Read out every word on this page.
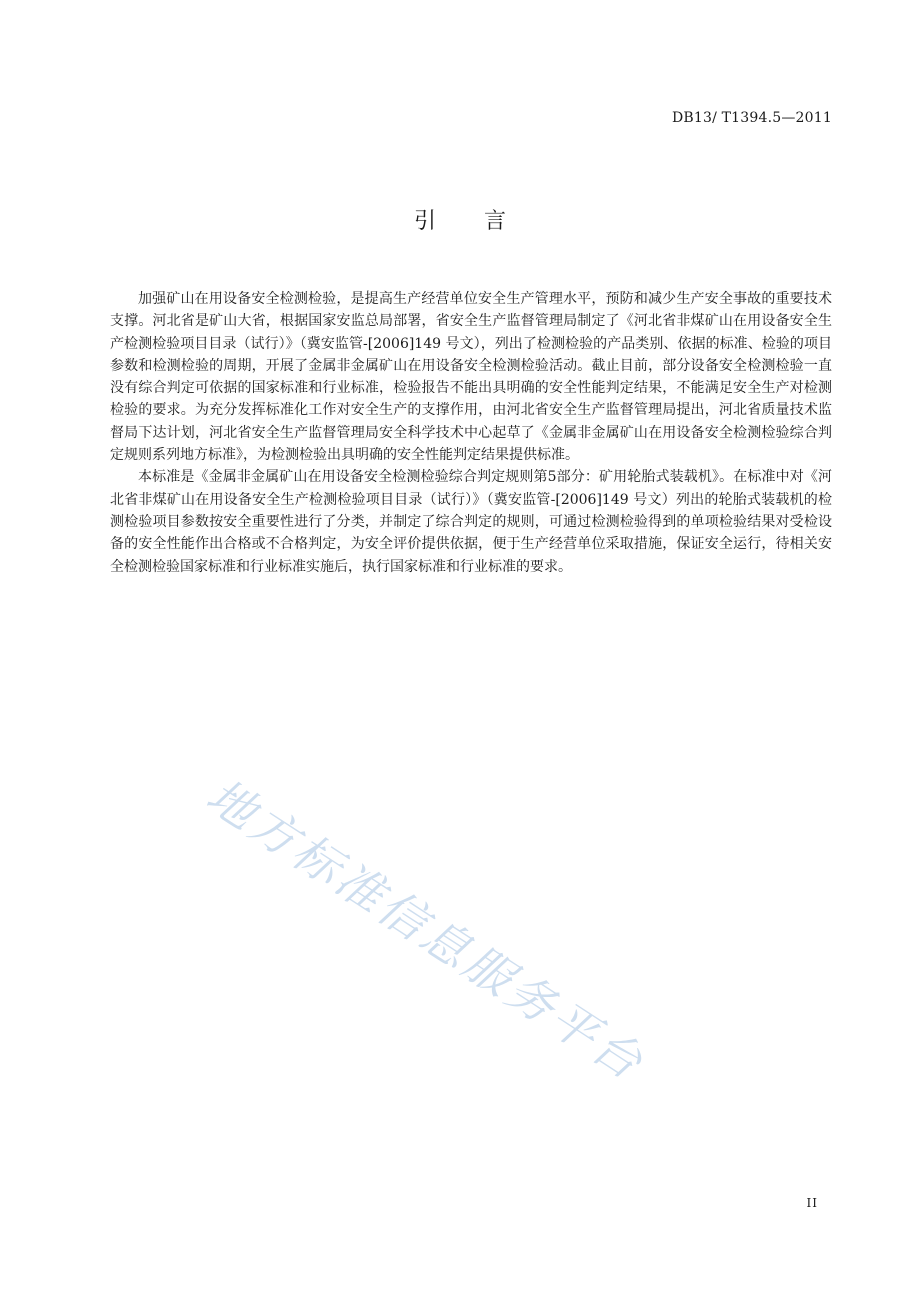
DB13/ T1394.5—2011
引言

加强矿山在用设备安全检测检验，是提高生产经营单位安全生产管理水平，预防和减少生产安全事故的重要技术支撑。河北省是矿山大省，根据国家安监总局部署，省安全生产监督管理局制定了《河北省非煤矿山在用设备安全生产检测检验项目目录（试行）》（冀安监管-[2006]149 号文），列出了检测检验的产品类别、依据的标准、检验的项目参数和检测检验的周期，开展了金属非金属矿山在用设备安全检测检验活动。截止目前，部分设备安全检测检验一直没有综合判定可依据的国家标准和行业标准，检验报告不能出具明确的安全性能判定结果，不能满足安全生产对检测检验的要求。为充分发挥标准化工作对安全生产的支撑作用，由河北省安全生产监督管理局提出，河北省质量技术监督局下达计划，河北省安全生产监督管理局安全科学技术中心起草了《金属非金属矿山在用设备安全检测检验综合判定规则系列地方标准》，为检测检验出具明确的安全性能判定结果提供标准。

本标准是《金属非金属矿山在用设备安全检测检验综合判定规则第5部分：矿用轮胎式装载机》。在标准中对《河北省非煤矿山在用设备安全生产检测检验项目目录（试行）》（冀安监管-[2006]149 号文）列出的轮胎式装载机的检测检验项目参数按安全重要性进行了分类，并制定了综合判定的规则，可通过检测检验得到的单项检验结果对受检设备的安全性能作出合格或不合格判定，为安全评价提供依据，便于生产经营单位采取措施，保证安全运行，待相关安全检测检验国家标准和行业标准实施后，执行国家标准和行业标准的要求。

地方标准信息服务平台
II
